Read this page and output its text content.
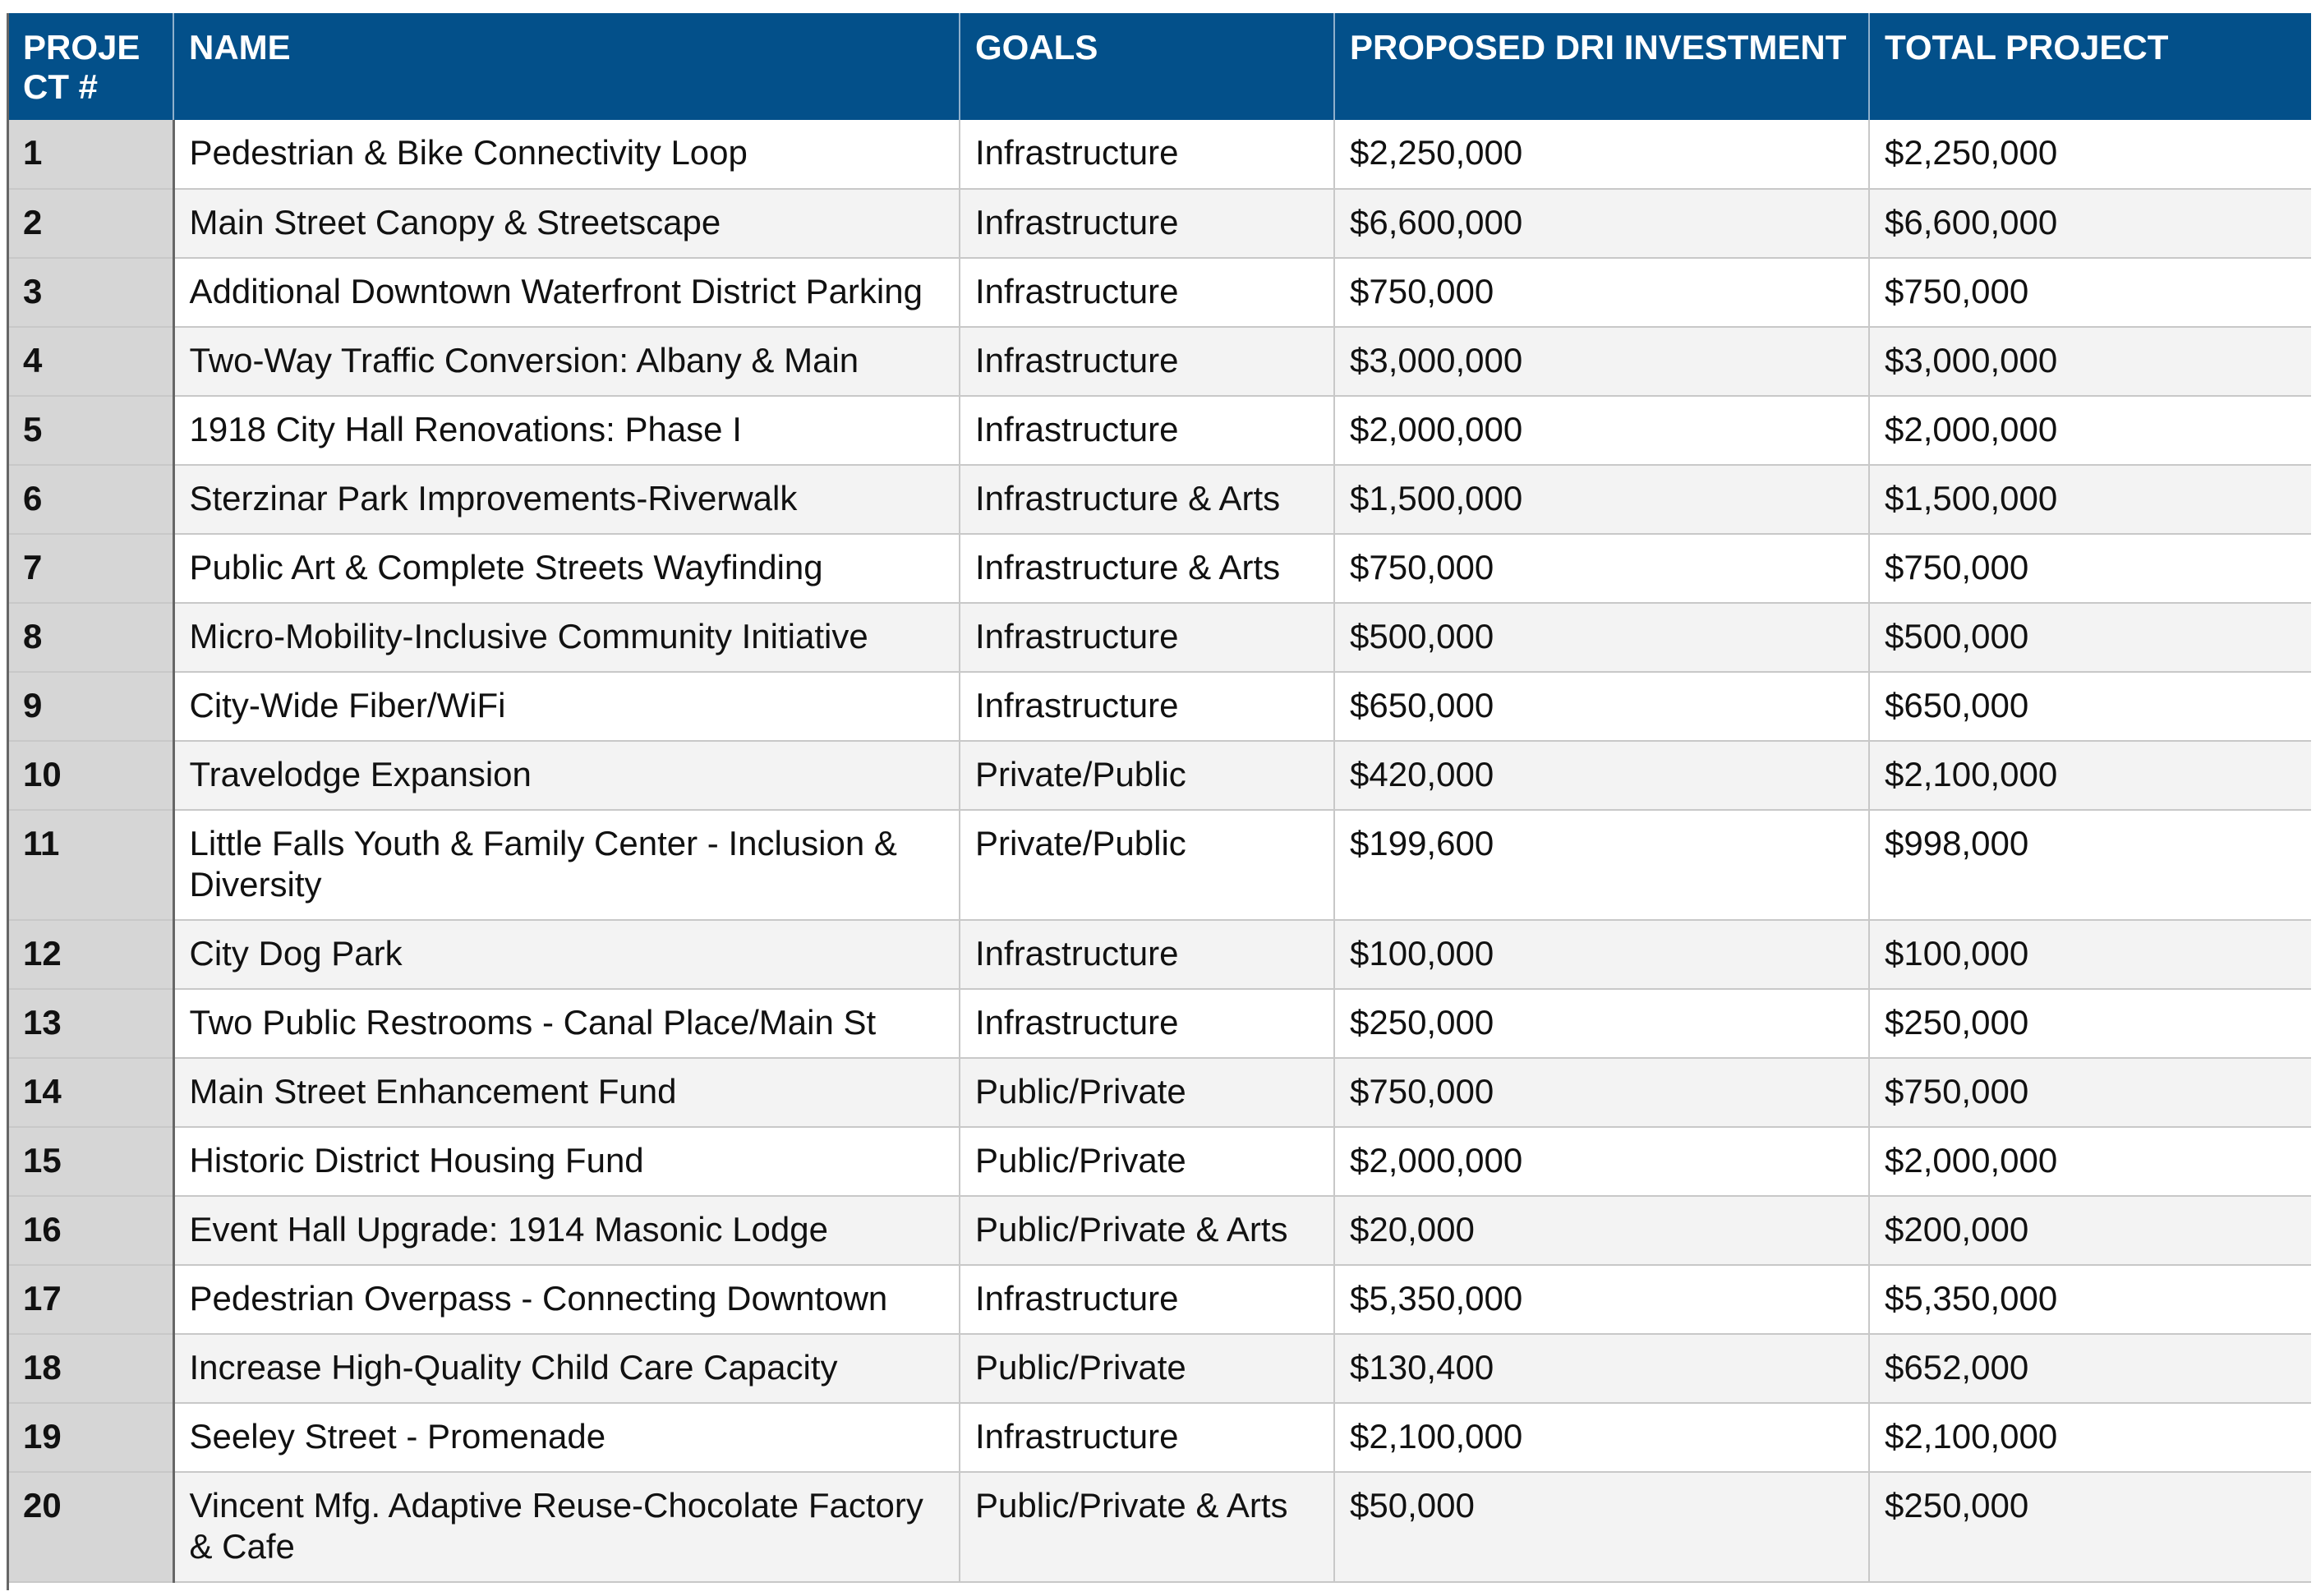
PROJECT #	NAME	GOALS	PROPOSED DRI INVESTMENT	TOTAL PROJECT
1	Pedestrian & Bike Connectivity Loop	Infrastructure	$2,250,000	$2,250,000
2	Main Street Canopy & Streetscape	Infrastructure	$6,600,000	$6,600,000
3	Additional Downtown Waterfront District Parking	Infrastructure	$750,000	$750,000
4	Two-Way Traffic Conversion: Albany & Main	Infrastructure	$3,000,000	$3,000,000
5	1918 City Hall Renovations: Phase I	Infrastructure	$2,000,000	$2,000,000
6	Sterzinar Park Improvements-Riverwalk	Infrastructure & Arts	$1,500,000	$1,500,000
7	Public Art & Complete Streets Wayfinding	Infrastructure & Arts	$750,000	$750,000
8	Micro-Mobility-Inclusive Community Initiative	Infrastructure	$500,000	$500,000
9	City-Wide Fiber/WiFi	Infrastructure	$650,000	$650,000
10	Travelodge Expansion	Private/Public	$420,000	$2,100,000
11	Little Falls Youth & Family Center - Inclusion & Diversity	Private/Public	$199,600	$998,000
12	City Dog Park	Infrastructure	$100,000	$100,000
13	Two Public Restrooms - Canal Place/Main St	Infrastructure	$250,000	$250,000
14	Main Street Enhancement Fund	Public/Private	$750,000	$750,000
15	Historic District Housing Fund	Public/Private	$2,000,000	$2,000,000
16	Event Hall Upgrade: 1914 Masonic Lodge	Public/Private & Arts	$20,000	$200,000
17	Pedestrian Overpass - Connecting Downtown	Infrastructure	$5,350,000	$5,350,000
18	Increase High-Quality Child Care Capacity	Public/Private	$130,400	$652,000
19	Seeley Street - Promenade	Infrastructure	$2,100,000	$2,100,000
20	Vincent Mfg. Adaptive Reuse-Chocolate Factory & Cafe	Public/Private & Arts	$50,000	$250,000
